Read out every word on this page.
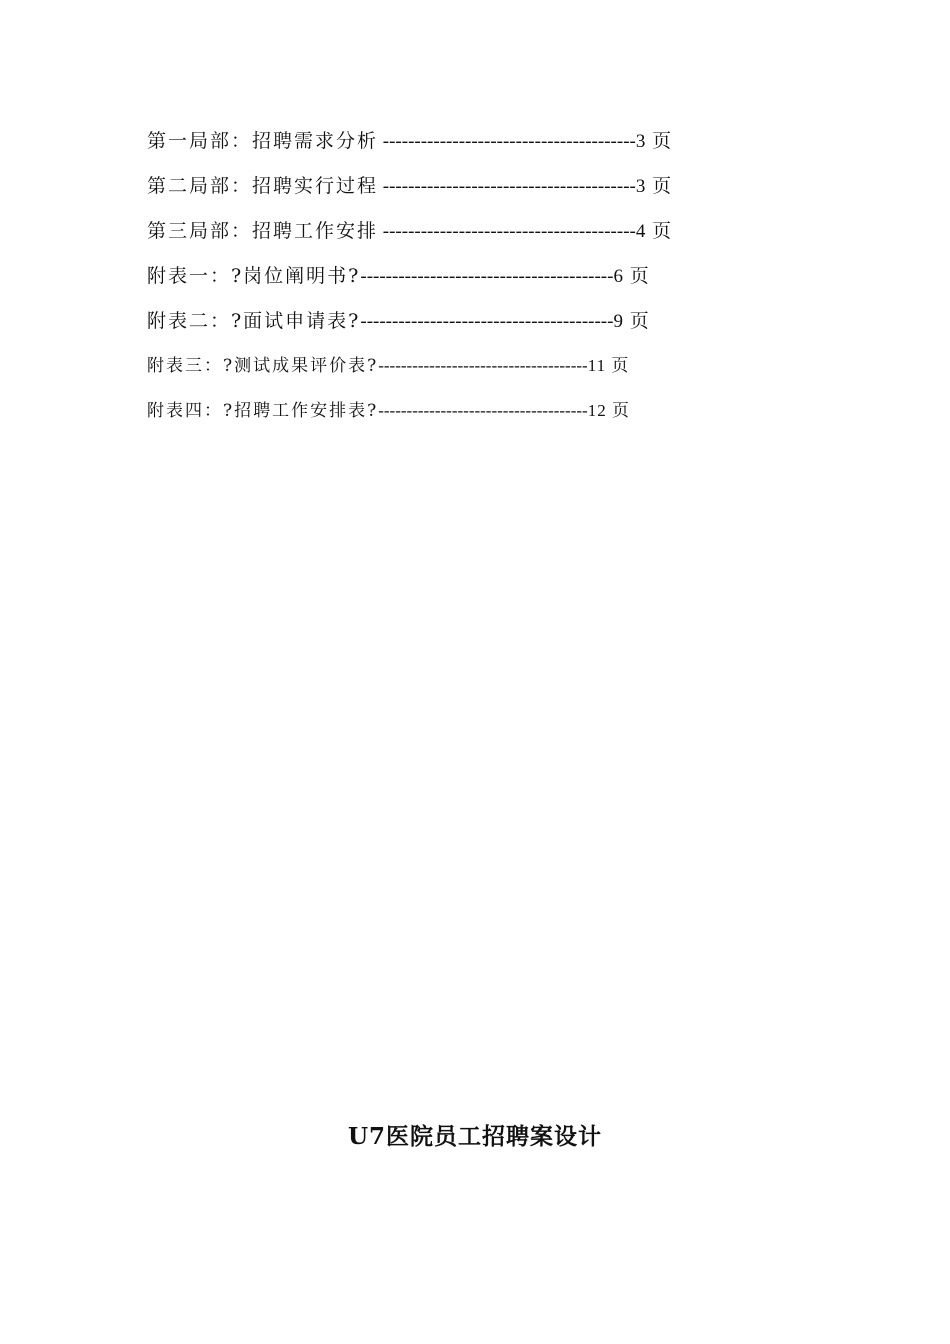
第一局部：招聘需求分析 ----------------------------------------3 页
第二局部：招聘实行过程 ----------------------------------------3 页
第三局部：招聘工作安排 ----------------------------------------4 页
附表一：?岗位阐明书?----------------------------------------6 页
附表二：?面试申请表?----------------------------------------9 页
附表三：?测试成果评价表?-------------------------------------11 页
附表四：?招聘工作安排表?-------------------------------------12 页
U7医院员工招聘案设计
